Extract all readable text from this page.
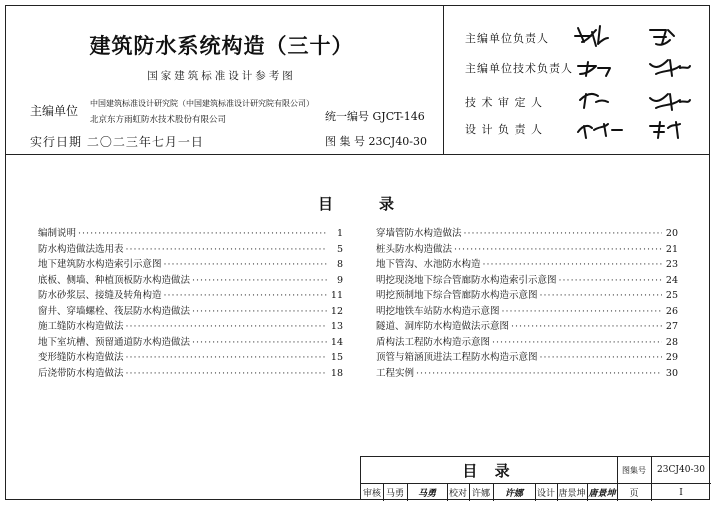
建筑防水系统构造（三十）
国家建筑标准设计参考图
主编单位
中国建筑标准设计研究院（中国建筑标准设计研究院有限公司）
北京东方雨虹防水技术股份有限公司	统一编号 GJCT-146
实行日期 二〇二三年七月一日	图 集 号 23CJ40-30
主编单位负责人
主编单位技术负责人
技 术 审 定 人
设 计 负 责 人
目	录
编制说明 ·····	1
防水构造做法选用表 ·····	5
地下建筑防水构造索引示意图 ·····	8
底板、侧墙、种植顶板防水构造做法 ·····	9
防水砂浆层、接缝及转角构造 ·····	11
窗井、穿墙螺栓、筏层防水构造做法 ·····	12
施工缝防水构造做法 ·····	13
地下室坑槽、预留通道防水构造做法 ·····	14
变形缝防水构造做法 ·····	15
后浇带防水构造做法 ·····	18
穿墙管防水构造做法 ·····	20
桩头防水构造做法 ·····	21
地下管沟、水池防水构造 ·····	23
明挖现浇地下综合管廊防水构造索引示意图 ·····	24
明挖预制地下综合管廊防水构造示意图 ·····	25
明挖地铁车站防水构造示意图 ·····	26
隧道、洞库防水构造做法示意图 ·····	27
盾构法工程防水构造示意图 ·····	28
顶管与箱涵顶进法工程防水构造示意图 ·····	29
工程实例 ·····	30
目 录	图集号	23CJ40-30
审核 马勇	马勇	校对 许娜	许娜	设计 唐景坤 唐景坤	页	I
